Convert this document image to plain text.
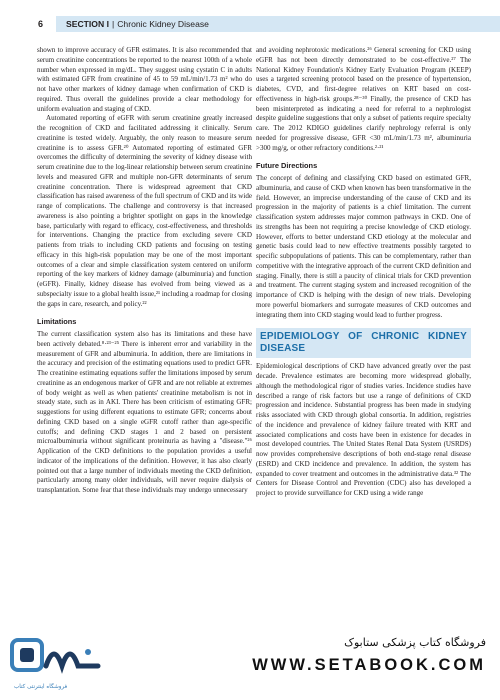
6	SECTION I | Chronic Kidney Disease

shown to improve accuracy of GFR estimates. It is also recommended that serum creatinine concentrations be reported to the nearest 100th of a whole number when expressed in mg/dL. They suggest using cystatin C in adults with estimated GFR from creatinine of 45 to 59 mL/min/1.73 m² who do not have other markers of kidney damage when confirmation of CKD is required. Thus overall the guidelines provide a clear methodology for uniform evaluation and staging of CKD.

Automated reporting of eGFR with serum creatinine greatly increased the recognition of CKD and facilitated addressing it clinically. Serum creatinine is tested widely. Arguably, the only reason to measure serum creatinine is to assess GFR.²⁰ Automated reporting of estimated GFR overcomes the difficulty of determining the severity of kidney disease with serum creatinine due to the log-linear relationship between serum creatinine levels and measured GFR and multiple non-GFR determinants of serum creatinine concentration. There is widespread agreement that CKD classification has raised awareness of the full spectrum of CKD and its wide range of complications. The challenge and controversy is that increased awareness is also pointing a brighter spotlight on gaps in the knowledge base, particularly with regard to efficacy, cost-effectiveness, and thresholds for interventions. Changing the practice from excluding severe CKD patients from trials to including CKD patients and focusing on testing efficacy in this high-risk population may be one of the most important outcomes of a clear and simple classification system centered on uniform reporting of the key markers of kidney damage (albuminuria) and function (eGFR). Finally, kidney disease has evolved from being viewed as a subspecialty issue to a global health issue,²¹ including a roadmap for closing the gaps in care, research, and policy.²²

Limitations

The current classification system also has its limitations and these have been actively debated.⁸·²³⁻²⁵ There is inherent error and variability in the measurement of GFR and albuminuria. In addition, there are limitations in the accuracy and precision of the estimating equations used to predict GFR. The creatinine estimating equations suffer the limitations imposed by serum creatinine as an endogenous marker of GFR and are not reliable at extremes of body weight as well as when patients' creatinine metabolism is not in steady state, such as in AKI. There has been criticism of estimating GFR; suggestions for using different equations to estimate GFR; concerns about defining CKD based on a single eGFR cutoff rather than age-specific cutoffs; and defining CKD stages 1 and 2 based on persistent microalbuminuria without significant proteinuria as having a "disease."²⁶ Application of the CKD definitions to the population provides a useful indicator of the implications of the definition. However, it has also clearly pointed out that a large number of individuals meeting the CKD definition, particularly among many older individuals, will never require dialysis or transplantation. Some fear that these individuals may undergo unnecessary

and avoiding nephrotoxic medications.²⁶ General screening for CKD using eGFR has not been directly demonstrated to be cost-effective.²⁷ The National Kidney Foundation's Kidney Early Evaluation Program (KEEP) uses a targeted screening protocol based on the presence of hypertension, diabetes, CVD, and first-degree relatives on KRT based on cost-effectiveness in high-risk groups.²⁸⁻³⁰ Finally, the presence of CKD has been misinterpreted as indicating a need for referral to a nephrologist despite guideline suggestions that only a subset of patients require specialty care. The 2012 KDIGO guidelines clarify nephrology referral is only needed for progressive disease, GFR <30 mL/min/1.73 m², albuminuria >300 mg/g, or other refractory conditions.²·²¹

Future Directions

The concept of defining and classifying CKD based on estimated GFR, albuminuria, and cause of CKD when known has been transformative in the field. However, an imprecise understanding of the cause of CKD and its progression in the majority of patients is a chief limitation. The current classification system addresses major common pathways in CKD. One of its strengths has been not requiring a precise knowledge of CKD etiology. However, efforts to better understand CKD etiology at the molecular and genetic basis could lead to new effective treatments possibly targeted to specific subpopulations of patients. This can be complementary, rather than competitive with the integrative approach of the current CKD definition and staging. Finally, there is still a paucity of clinical trials for CKD prevention and treatment. The current staging system and increased recognition of the importance of CKD is helping with the design of new trials. Developing more powerful biomarkers and surrogate measures of CKD outcomes and integrating them into CKD staging would lead to further progress.

EPIDEMIOLOGY OF CHRONIC KIDNEY DISEASE

Epidemiological descriptions of CKD have advanced greatly over the past decade. Prevalence estimates are becoming more widespread globally, although the methodological rigor of studies varies. Incidence studies have described a range of risk factors but use a range of definitions of CKD progression and incidence. Substantial progress has been made in studying risks associated with CKD through global consortia. In addition, registries of the incidence and prevalence of kidney failure treated with KRT and associated complications and costs have been in existence for decades in most developed countries. The United States Renal Data System (USRDS) now provides comprehensive descriptions of both end-stage renal disease (ESRD) and CKD incidence and prevalence. In addition, the system has expanded to cover treatment and outcomes in the administrative data.³² The Centers for Disease Control and Prevention (CDC) also has developed a project to provide surveillance for CKD using a wide range

فروشگاه اینترنتی کتاب
فروشگاه کتاب پزشکی ستابوک
WWW.SETABOOK.COM
